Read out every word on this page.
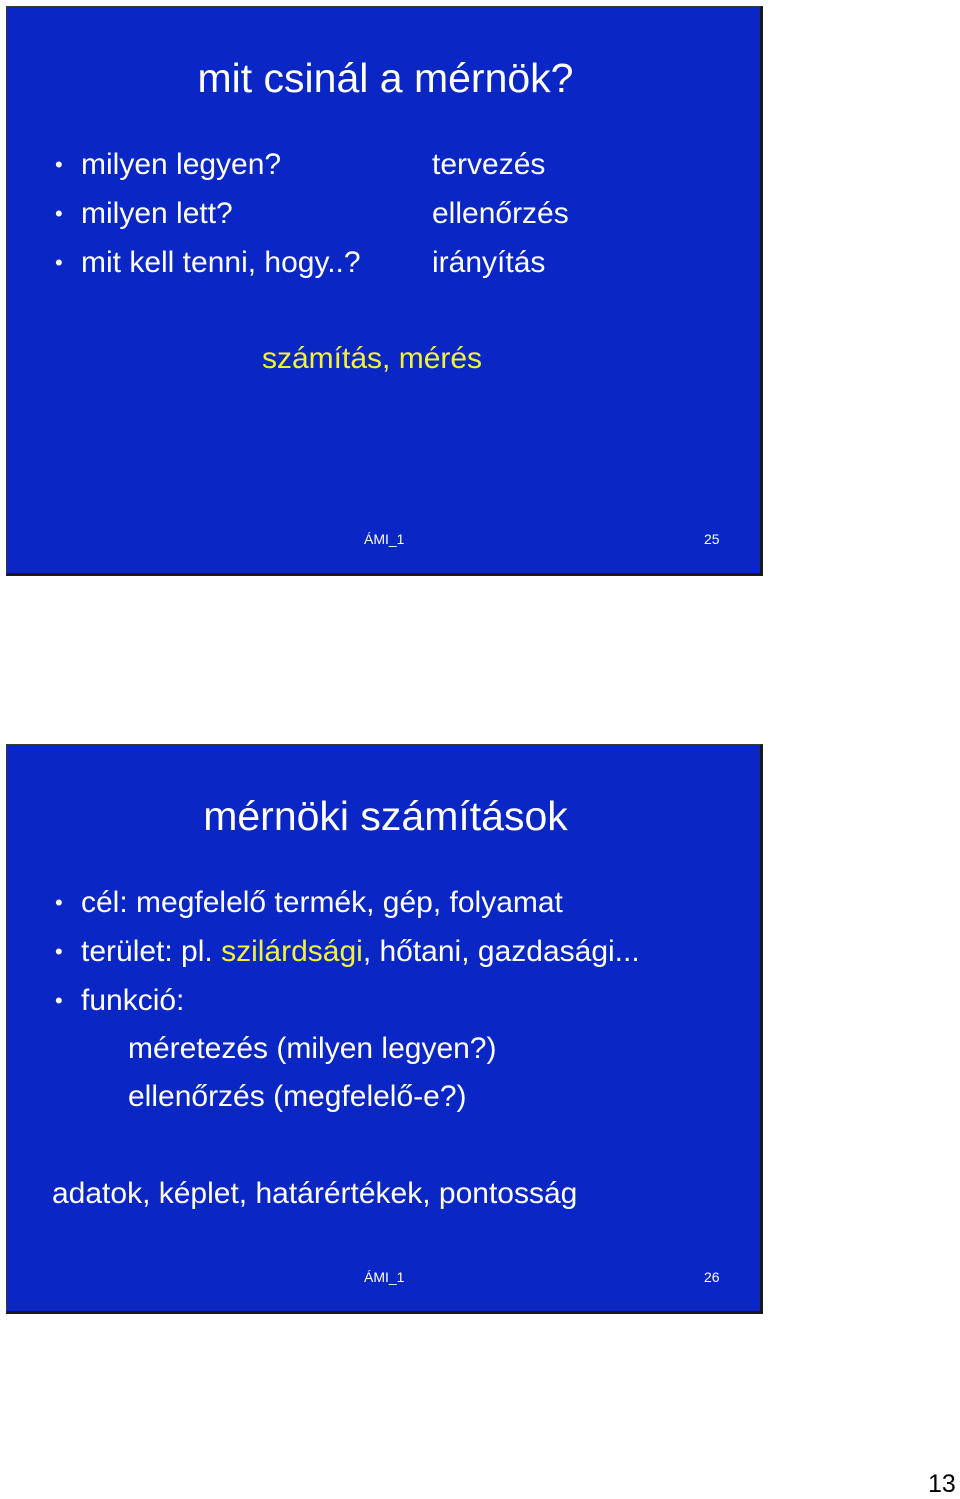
mit csinál a mérnök?
• milyen legyen?
• milyen lett?
• mit kell tenni, hogy..?
tervezés
ellenőrzés
irányítás
számítás, mérés
ÁMI_1	25
mérnöki számítások
• cél: megfelelő termék, gép, folyamat
• terület: pl. szilárdsági, hőtani, gazdasági...
• funkció:
méretezés (milyen legyen?)
ellenőrzés (megfelelő-e?)
adatok, képlet, határértékek, pontosság
ÁMI_1	26
13
